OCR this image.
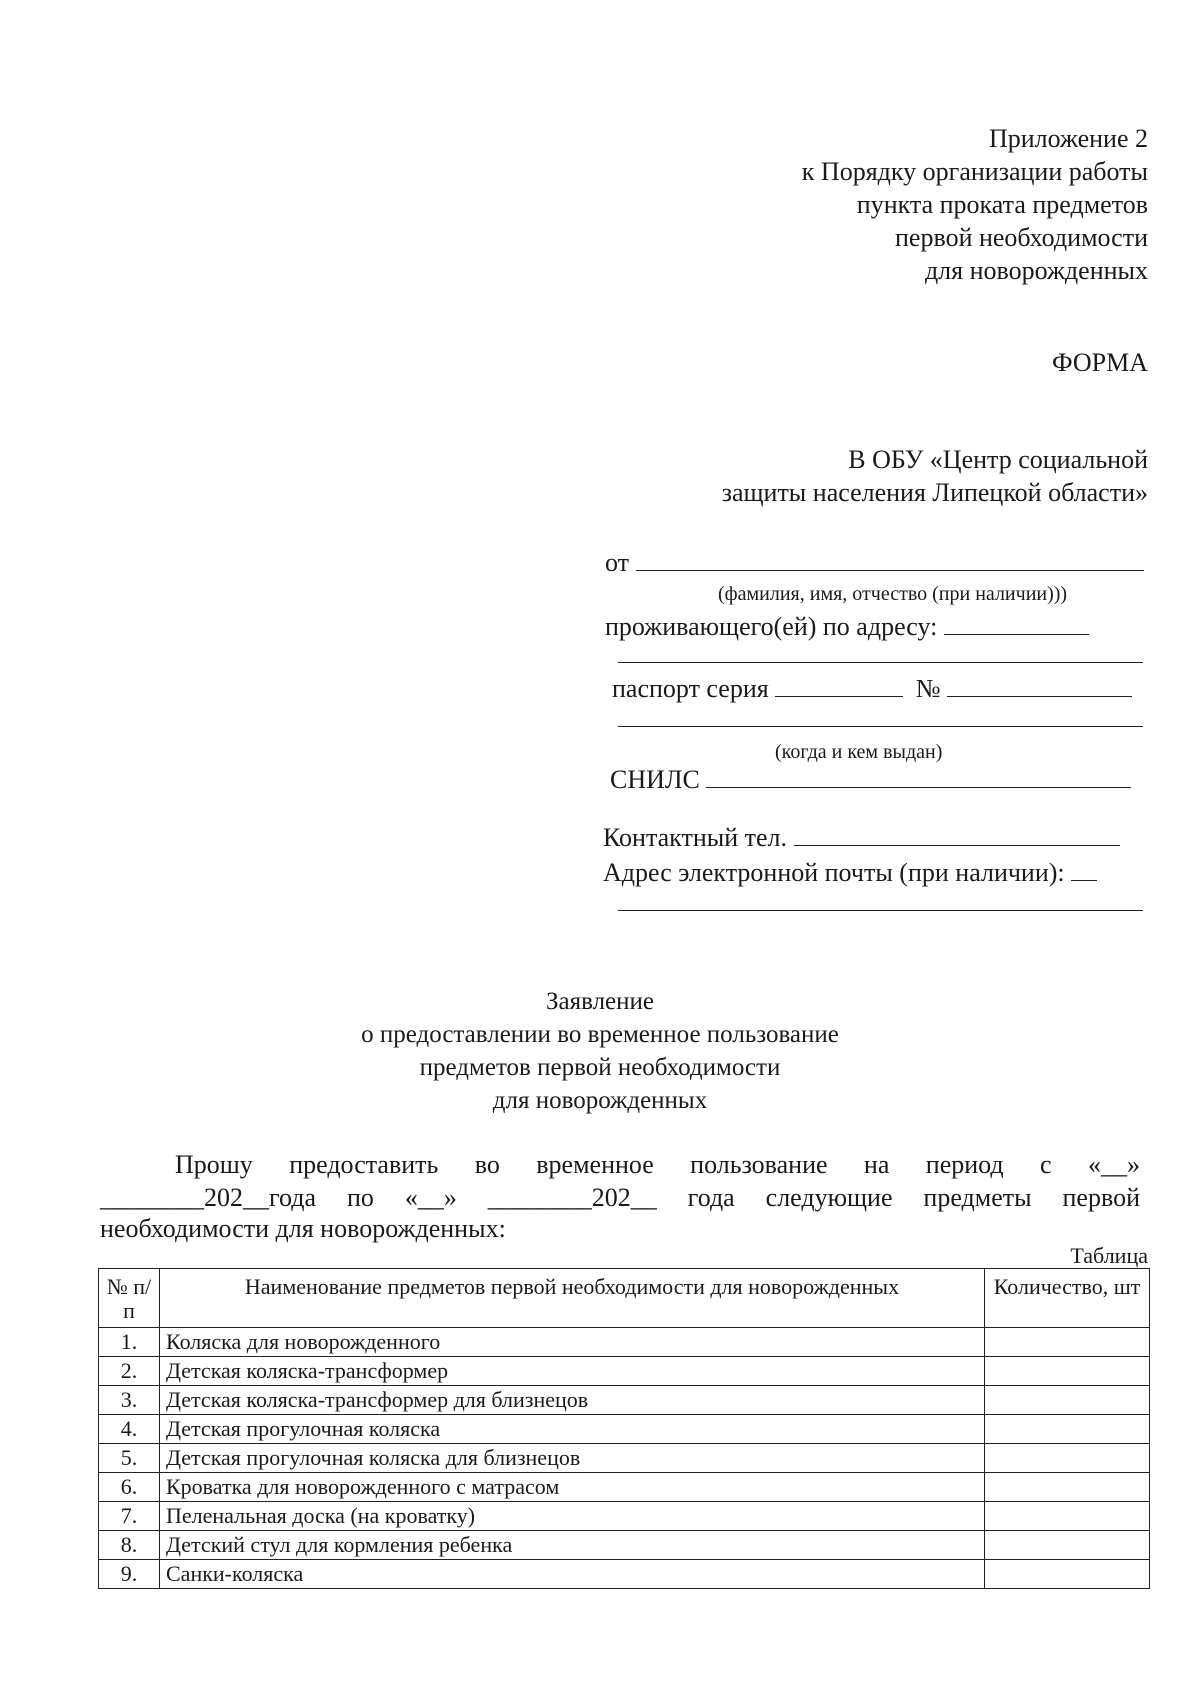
Приложение 2
к Порядку организации работы
пункта проката предметов
первой необходимости
для новорожденных
ФОРМА
В ОБУ «Центр социальной
защиты населения Липецкой области»
от
(фамилия, имя, отчество (при наличии)))
проживающего(ей) по адресу:
паспорт серия	№
(когда и кем выдан)
СНИЛС
Контактный тел.
Адрес электронной почты (при наличии):
Заявление
о предоставлении во временное пользование
предметов первой необходимости
для новорожденных
Прошу предоставить во временное пользование на период с «__»
________202__года по «__» ________202__ года следующие предметы первой
необходимости для новорожденных:
Таблица
№ п/п	Наименование предметов первой необходимости для новорожденных	Количество, шт
1.	Коляска для новорожденного	
2.	Детская коляска-трансформер	
3.	Детская коляска-трансформер для близнецов	
4.	Детская прогулочная коляска	
5.	Детская прогулочная коляска для близнецов	
6.	Кроватка для новорожденного с матрасом	
7.	Пеленальная доска (на кроватку)	
8.	Детский стул для кормления ребенка	
9.	Санки-коляска	
